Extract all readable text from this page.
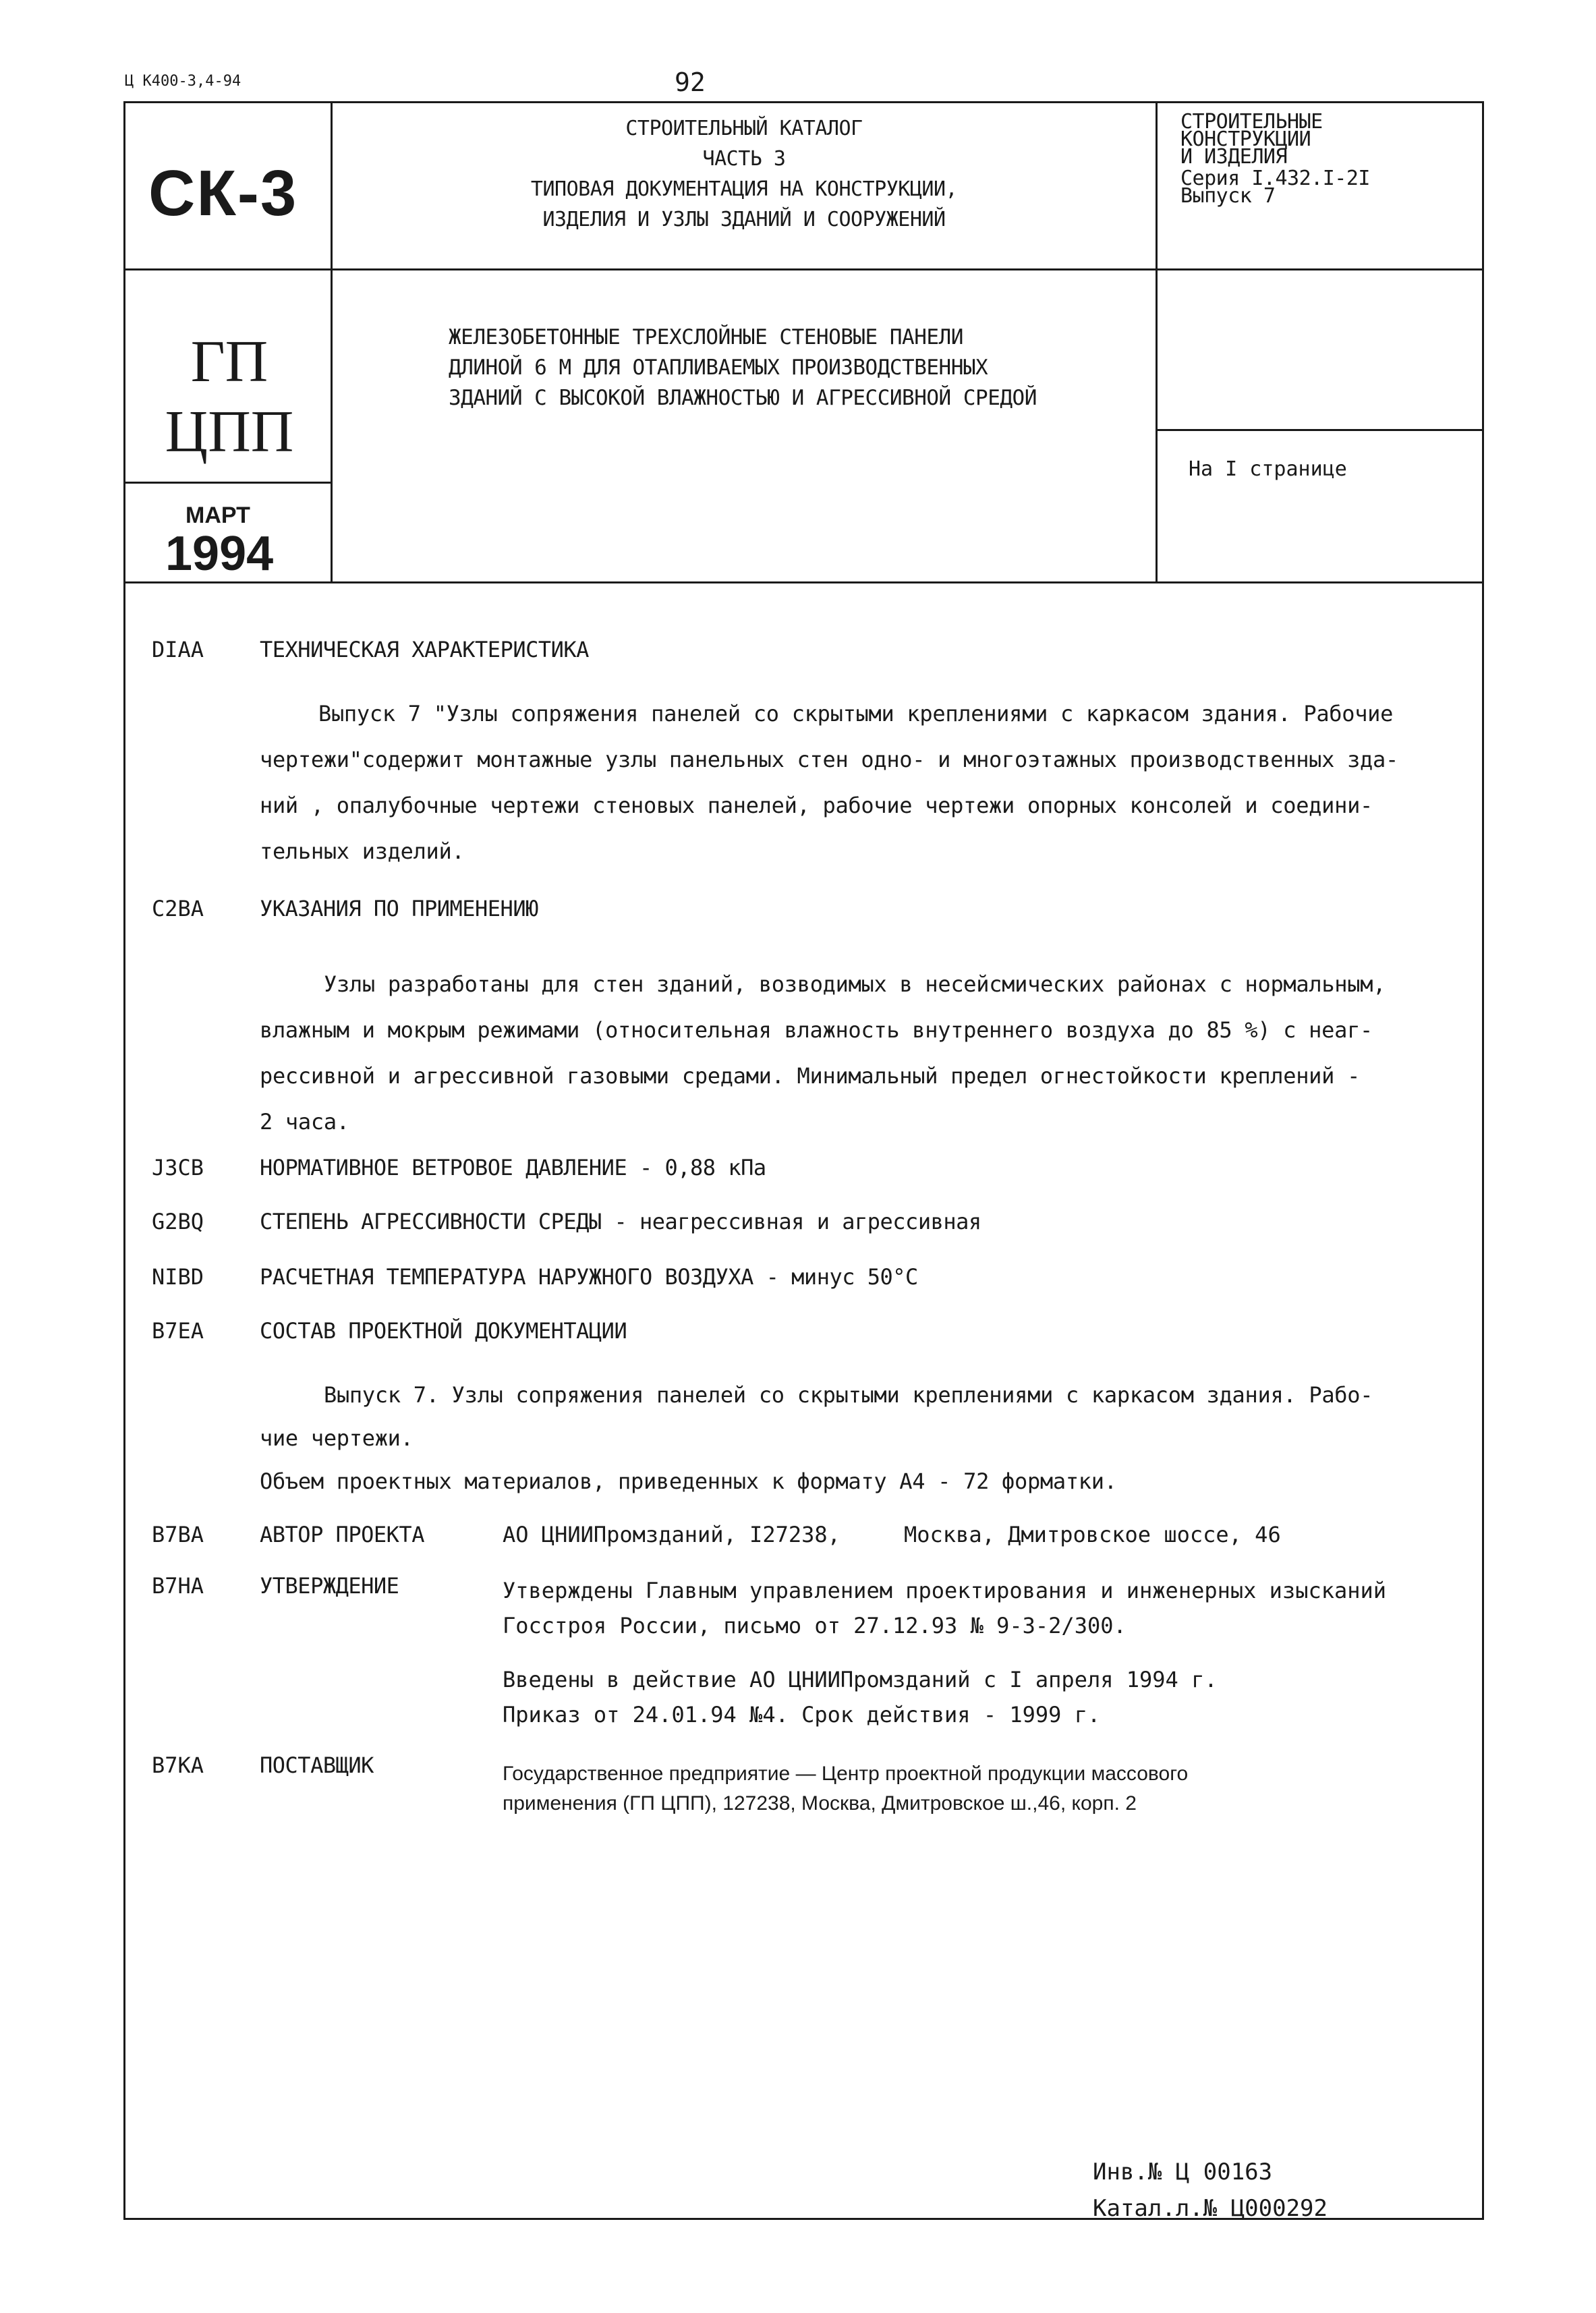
Ц К400-3,4-94	92
СК-3
ГП
ЦПП
МАРТ
1994
СТРОИТЕЛЬНЫЙ КАТАЛОГ
ЧАСТЬ 3
ТИПОВАЯ ДОКУМЕНТАЦИЯ НА КОНСТРУКЦИИ,
ИЗДЕЛИЯ И УЗЛЫ ЗДАНИЙ И СООРУЖЕНИЙ
ЖЕЛЕЗОБЕТОННЫЕ ТРЕХСЛОЙНЫЕ СТЕНОВЫЕ ПАНЕЛИ
ДЛИНОЙ 6 М ДЛЯ ОТАПЛИВАЕМЫХ ПРОИЗВОДСТВЕННЫХ
ЗДАНИЙ С ВЫСОКОЙ ВЛАЖНОСТЬЮ И АГРЕССИВНОЙ СРЕДОЙ
СТРОИТЕЛЬНЫЕ
КОНСТРУКЦИИ
И ИЗДЕЛИЯ
Серия I.432.I-2I
Выпуск 7
На I странице
DIAA	ТЕХНИЧЕСКАЯ ХАРАКТЕРИСТИКА
Выпуск 7 "Узлы сопряжения панелей со скрытыми креплениями с каркасом здания. Рабочие
чертежи"содержит монтажные узлы панельных стен одно- и многоэтажных производственных зда-
ний , опалубочные чертежи стеновых панелей, рабочие чертежи опорных консолей и соедини-
тельных изделий.
C2BA	УКАЗАНИЯ ПО ПРИМЕНЕНИЮ
Узлы разработаны для стен зданий, возводимых в несейсмических районах с нормальным,
влажным и мокрым режимами (относительная влажность внутреннего воздуха до 85 %) с неаг-
рессивной и агрессивной газовыми средами. Минимальный предел огнестойкости креплений -
2 часа.
J3СВ	НОРМАТИВНОЕ ВЕТРОВОЕ ДАВЛЕНИЕ - 0,88 кПа
G2BQ	СТЕПЕНЬ АГРЕССИВНОСТИ СРЕДЫ - неагрессивная и агрессивная
NIBD	РАСЧЕТНАЯ ТЕМПЕРАТУРА НАРУЖНОГО ВОЗДУХА - минус 50°С
B7EA	СОСТАВ ПРОЕКТНОЙ ДОКУМЕНТАЦИИ
Выпуск 7. Узлы сопряжения панелей со скрытыми креплениями с каркасом здания. Рабо-
чие чертежи.
Объем проектных материалов, приведенных к формату А4 - 72 форматки.
B7BA	АВТОР ПРОЕКТА	АО ЦНИИПромзданий, I27238,	Москва, Дмитровское шоссе, 46
B7HA	УТВЕРЖДЕНИЕ	Утверждены Главным управлением проектирования и инженерных изысканий
Госстроя России, письмо от 27.12.93 № 9-3-2/300.
Введены в действие АО ЦНИИПромзданий с I апреля 1994 г.
Приказ от 24.01.94 №4. Срок действия - 1999 г.
B7KA	ПОСТАВЩИК	Государственное предприятие — Центр проектной продукции массового
применения (ГП ЦПП), 127238, Москва, Дмитровское ш.,46, корп. 2
Инв.№ Ц 00163
Катал.л.№ Ц000292
